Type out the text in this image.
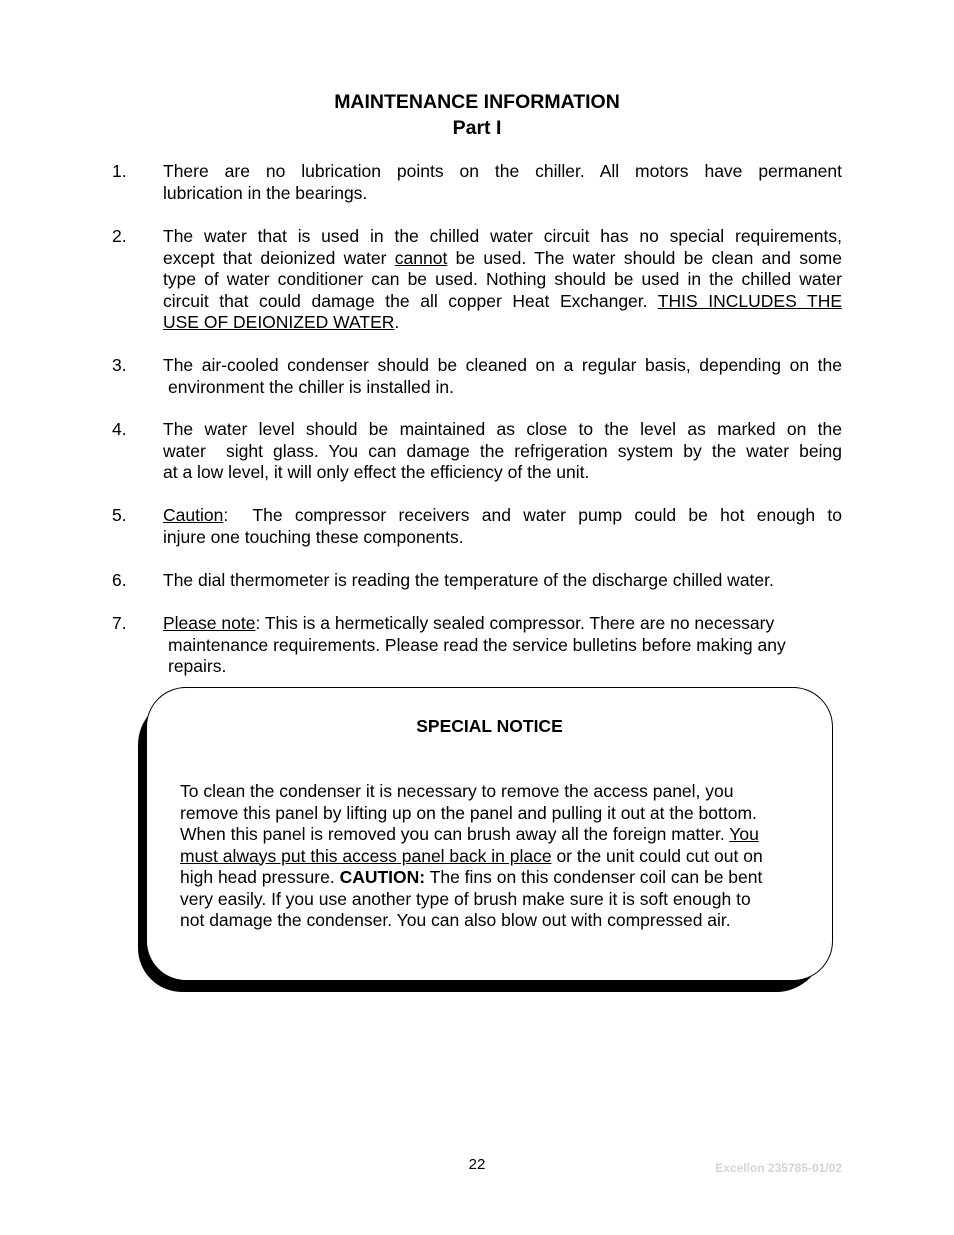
MAINTENANCE INFORMATION
Part I
1. There are no lubrication points on the chiller. All motors have permanent
lubrication in the bearings.
2. The water that is used in the chilled water circuit has no special requirements,
except that deionized water cannot be used. The water should be clean and some
type of water conditioner can be used. Nothing should be used in the chilled water
circuit that could damage the all copper Heat Exchanger. THIS INCLUDES THE
USE OF DEIONIZED WATER.
3. The air-cooled condenser should be cleaned on a regular basis, depending on the
environment the chiller is installed in.
4. The water level should be maintained as close to the level as marked on the
water  sight glass. You can damage the refrigeration system by the water being
at a low level, it will only effect the efficiency of the unit.
5. Caution:  The compressor receivers and water pump could be hot enough to
injure one touching these components.
6. The dial thermometer is reading the temperature of the discharge chilled water.
7. Please note: This is a hermetically sealed compressor. There are no necessary
maintenance requirements. Please read the service bulletins before making any
repairs.
SPECIAL NOTICE
To clean the condenser it is necessary to remove the access panel, you
remove this panel by lifting up on the panel and pulling it out at the bottom.
When this panel is removed you can brush away all the foreign matter. You
must always put this access panel back in place or the unit could cut out on
high head pressure. CAUTION: The fins on this condenser coil can be bent
very easily. If you use another type of brush make sure it is soft enough to
not damage the condenser. You can also blow out with compressed air.
22	Excellon 235785-01/02
